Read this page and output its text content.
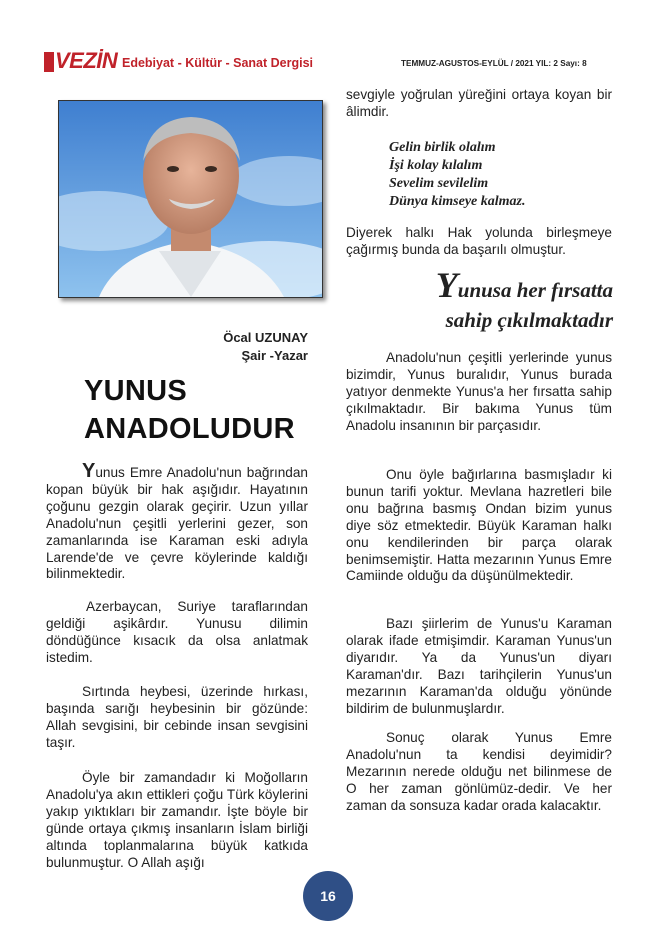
VEZİN Edebiyat - Kültür - Sanat Dergisi	TEMMUZ-AGUSTOS-EYLÜL / 2021 YIL: 2 Sayı: 8
Öcal UZUNAY
Şair -Yazar
YUNUS
ANADOLUDUR

Yunus Emre Anadolu'nun bağrından kopan büyük bir hak aşığıdır. Hayatının çoğunu gezgin olarak geçirir. Uzun yıllar Anadolu'nun çeşitli yerlerini gezer, son zamanlarında ise Karaman eski adıyla Larende'de ve çevre köylerinde kaldığı bilinmektedir.

Azerbaycan, Suriye taraflarından geldiği aşikârdır. Yunusu dilimin döndüğünce kısacık da olsa anlatmak istedim.

Sırtında heybesi, üzerinde hırkası, başında sarığı heybesinin bir gözünde: Allah sevgisini, bir cebinde insan sevgisini taşır.

Öyle bir zamandadır ki Moğolların Anadolu'ya akın ettikleri çoğu Türk köylerini yakıp yıktıkları bir zamandır. İşte böyle bir günde ortaya çıkmış insanların İslam birliği altında toplanmalarına büyük katkıda bulunmuştur. O Allah aşığı

sevgiyle yoğrulan yüreğini ortaya koyan bir âlimdir.

Gelin birlik olalım
İşi kolay kılalım
Sevelim sevilelim
Dünya kimseye kalmaz.

Diyerek halkı Hak yolunda birleşmeye çağırmış bunda da başarılı olmuştur.

Yunusa her fırsatta
sahip çıkılmaktadır

Anadolu'nun çeşitli yerlerinde yunus bizimdir, Yunus buralıdır, Yunus burada yatıyor denmekte Yunus'a her fırsatta sahip çıkılmaktadır. Bir bakıma Yunus tüm Anadolu insanının bir parçasıdır.

Onu öyle bağırlarına basmışladır ki bunun tarifi yoktur. Mevlana hazretleri bile onu bağrına basmış Ondan bizim yunus diye söz etmektedir. Büyük Karaman halkı onu kendilerinden bir parça olarak benimsemiştir. Hatta mezarının Yunus Emre Camiinde olduğu da düşünülmektedir.

Bazı şiirlerim de Yunus'u Karaman olarak ifade etmişimdir. Karaman Yunus'un diyarıdır. Ya da Yunus'un diyarı Karaman'dır. Bazı tarihçilerin Yunus'un mezarının Karaman'da olduğu yönünde bildirim de bulunmuşlardır.

Sonuç olarak Yunus Emre Anadolu'nun ta kendisi deyimidir? Mezarının nerede olduğu net bilinmese de O her zaman gönlümüz-dedir. Ve her zaman da sonsuza kadar orada kalacaktır.

16
